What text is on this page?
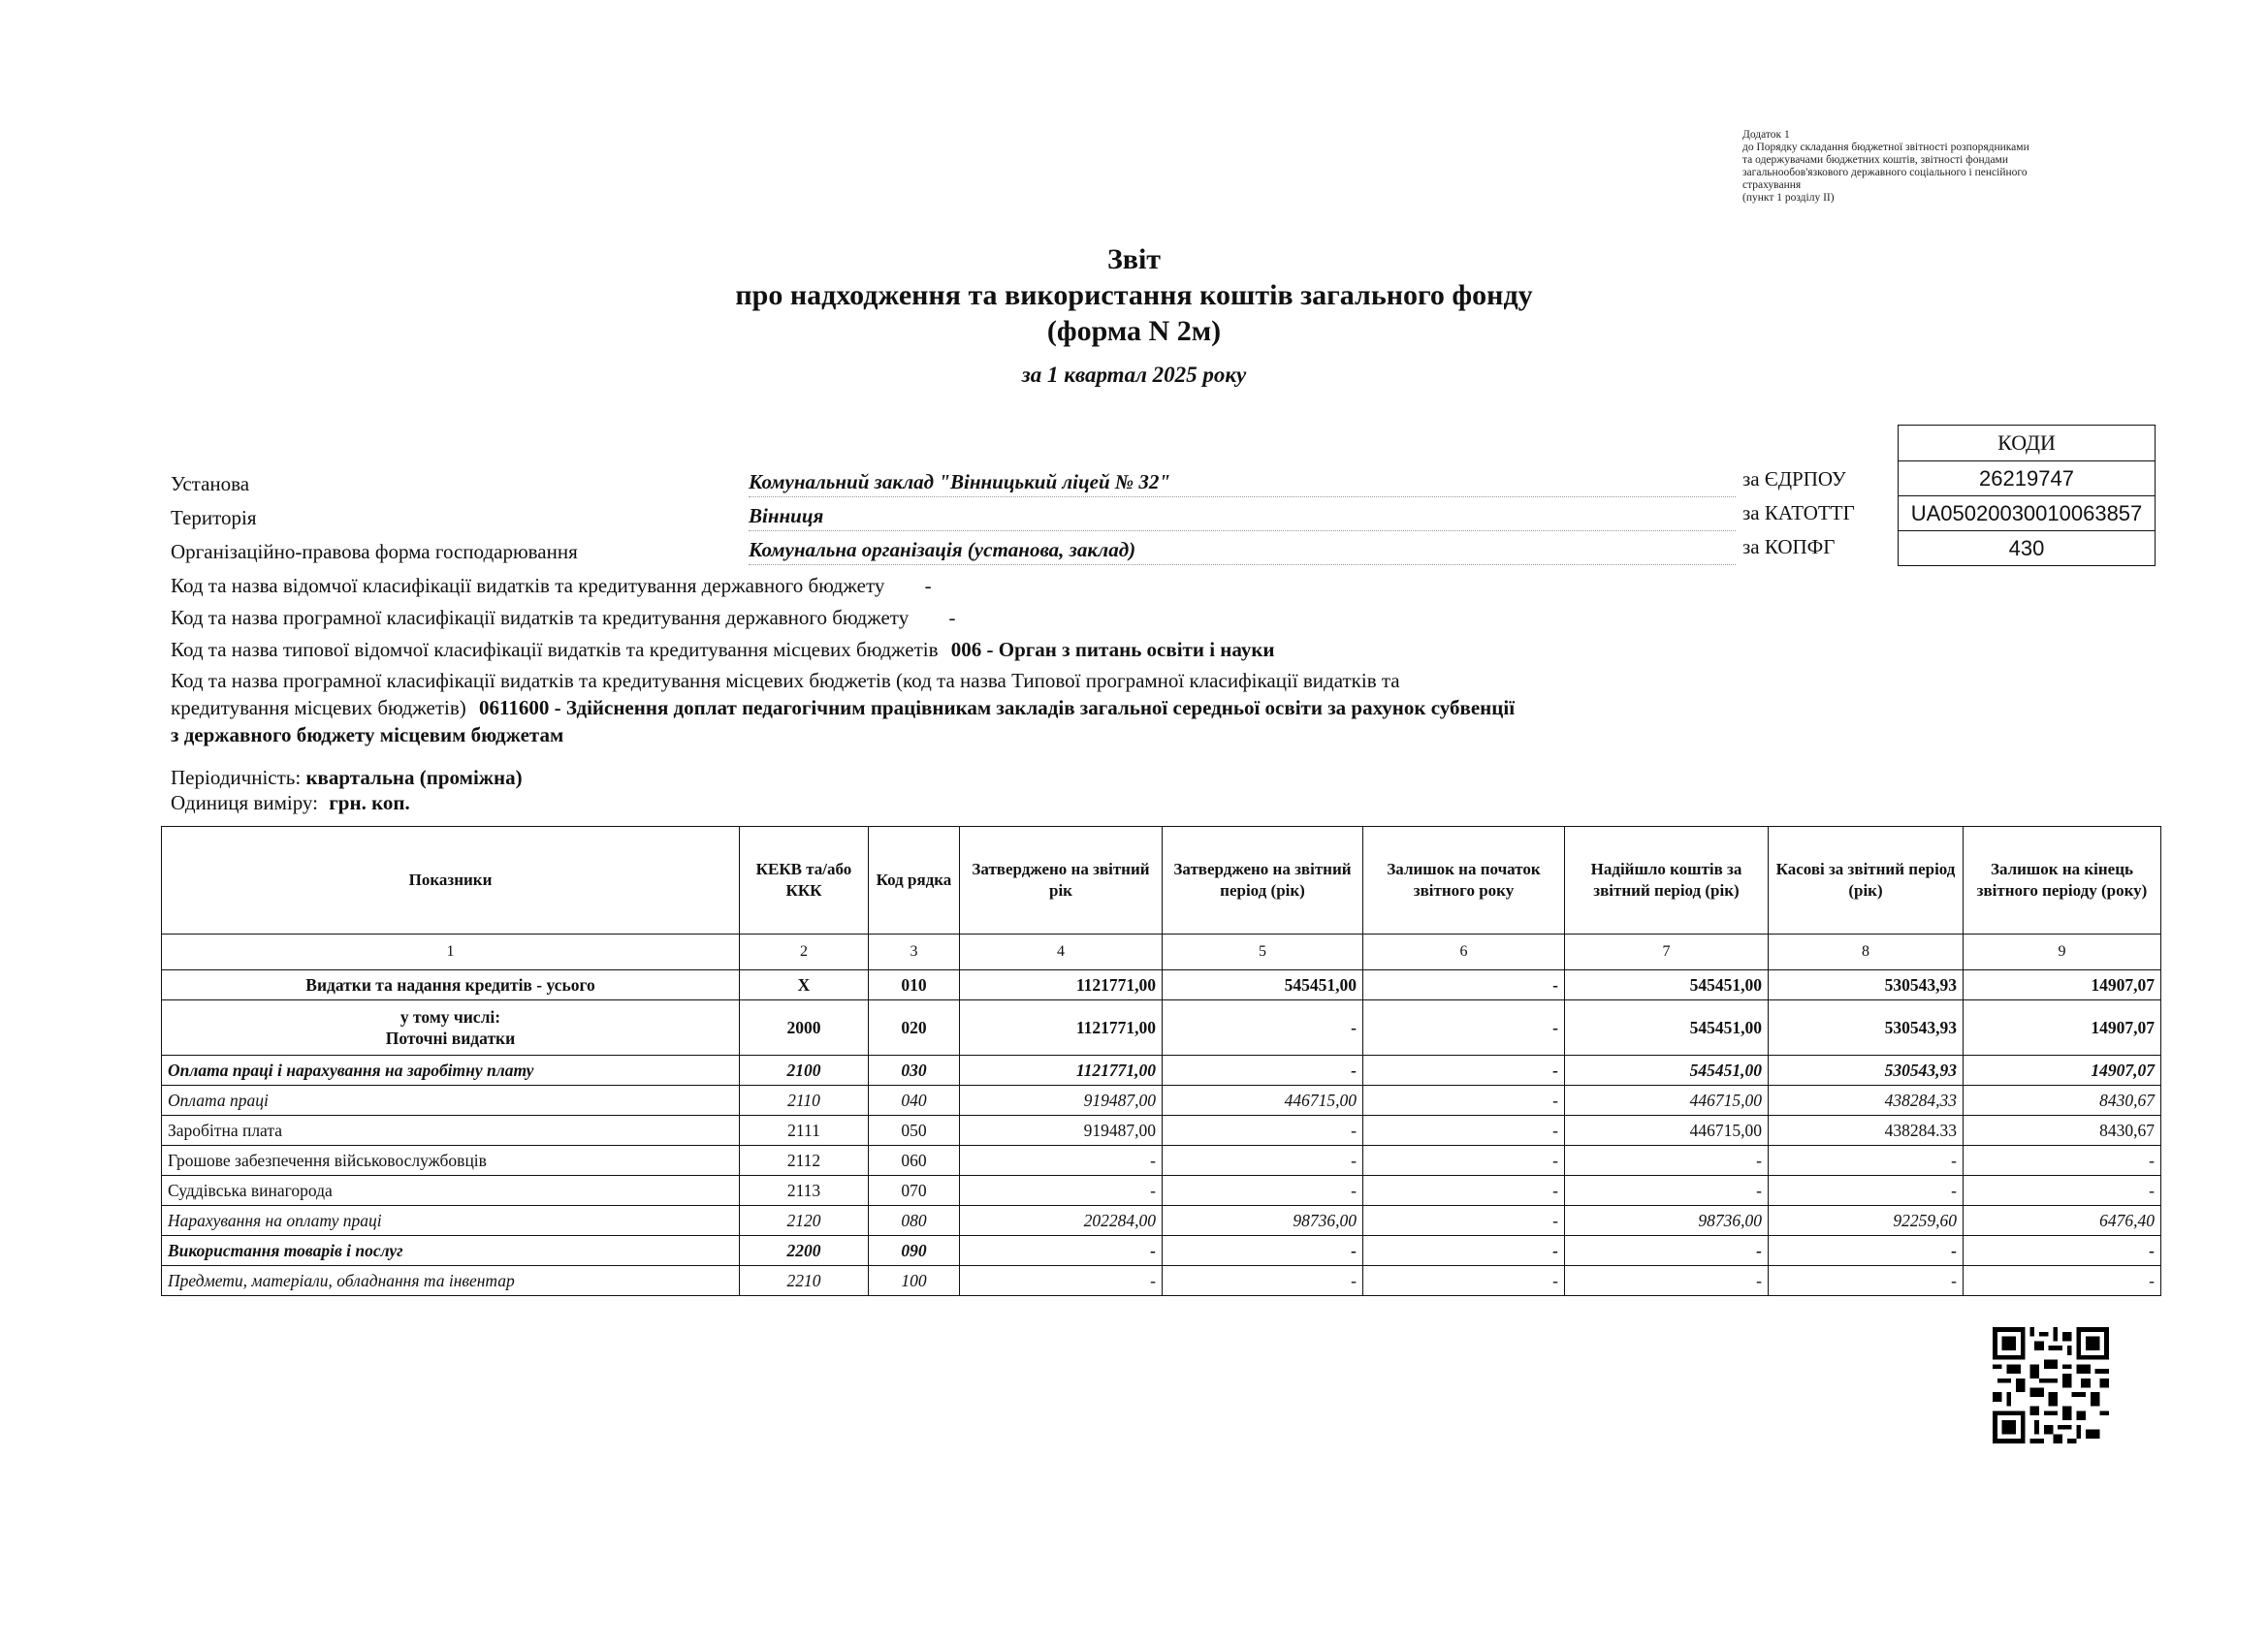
Додаток 1
до Порядку складання бюджетної звітності розпорядниками
та одержувачами бюджетних коштів, звітності фондами
загальнообов'язкового державного соціального і пенсійного
страхування
(пункт 1 розділу II)
Звіт
про надходження та використання коштів загального фонду
(форма N 2м)
за 1 квартал 2025 року
КОДИ
26219747
UA05020030010063857
430
за ЄДРПОУ
за КАТОТТГ
за КОПФГ
Установа	Комунальний заклад "Вінницький ліцей № 32"
Територія	Вінниця
Організаційно-правова форма господарювання	Комунальна організація (установа, заклад)
Код та назва відомчої класифікації видатків та кредитування державного бюджету -
Код та назва програмної класифікації видатків та кредитування державного бюджету -
Код та назва типової відомчої класифікації видатків та кредитування місцевих бюджетів 006 - Орган з питань освіти і науки
Код та назва програмної класифікації видатків та кредитування місцевих бюджетів (код та назва Типової програмної класифікації видатків та
кредитування місцевих бюджетів) 0611600 - Здійснення доплат педагогічним працівникам закладів загальної середньої освіти за рахунок субвенції
з державного бюджету місцевим бюджетам
Періодичність: квартальна (проміжна)
Одиниця виміру: грн. коп.
Показники	КЕКВ та/або ККК	Код рядка	Затверджено на звітний рік	Затверджено на звітний період (рік)	Залишок на початок звітного року	Надійшло коштів за звітний період (рік)	Касові за звітний період (рік)	Залишок на кінець звітного періоду (року)
1	2	3	4	5	6	7	8	9
Видатки та надання кредитів - усього	X	010	1121771,00	545451,00	-	545451,00	530543,93	14907,07

у тому числі:
Поточні видатки	2000	020	1121771,00	-	-	545451,00	530543,93	14907,07
Оплата праці і нарахування на заробітну плату	2100	030	1121771,00	-	-	545451,00	530543,93	14907,07
Оплата праці	2110	040	919487,00	446715,00	-	446715,00	438284,33	8430,67
Заробітна плата	2111	050	919487,00	-	-	446715,00	438284.33	8430,67
Грошове забезпечення військовослужбовців	2112	060	-	-	-	-	-	-
Суддівська винагорода	2113	070	-	-	-	-	-	-
Нарахування на оплату праці	2120	080	202284,00	98736,00	-	98736,00	92259,60	6476,40
Використання товарів і послуг	2200	090	-	-	-	-	-	-
Предмети, матеріали, обладнання та інвентар	2210	100	-	-	-	-	-	-
